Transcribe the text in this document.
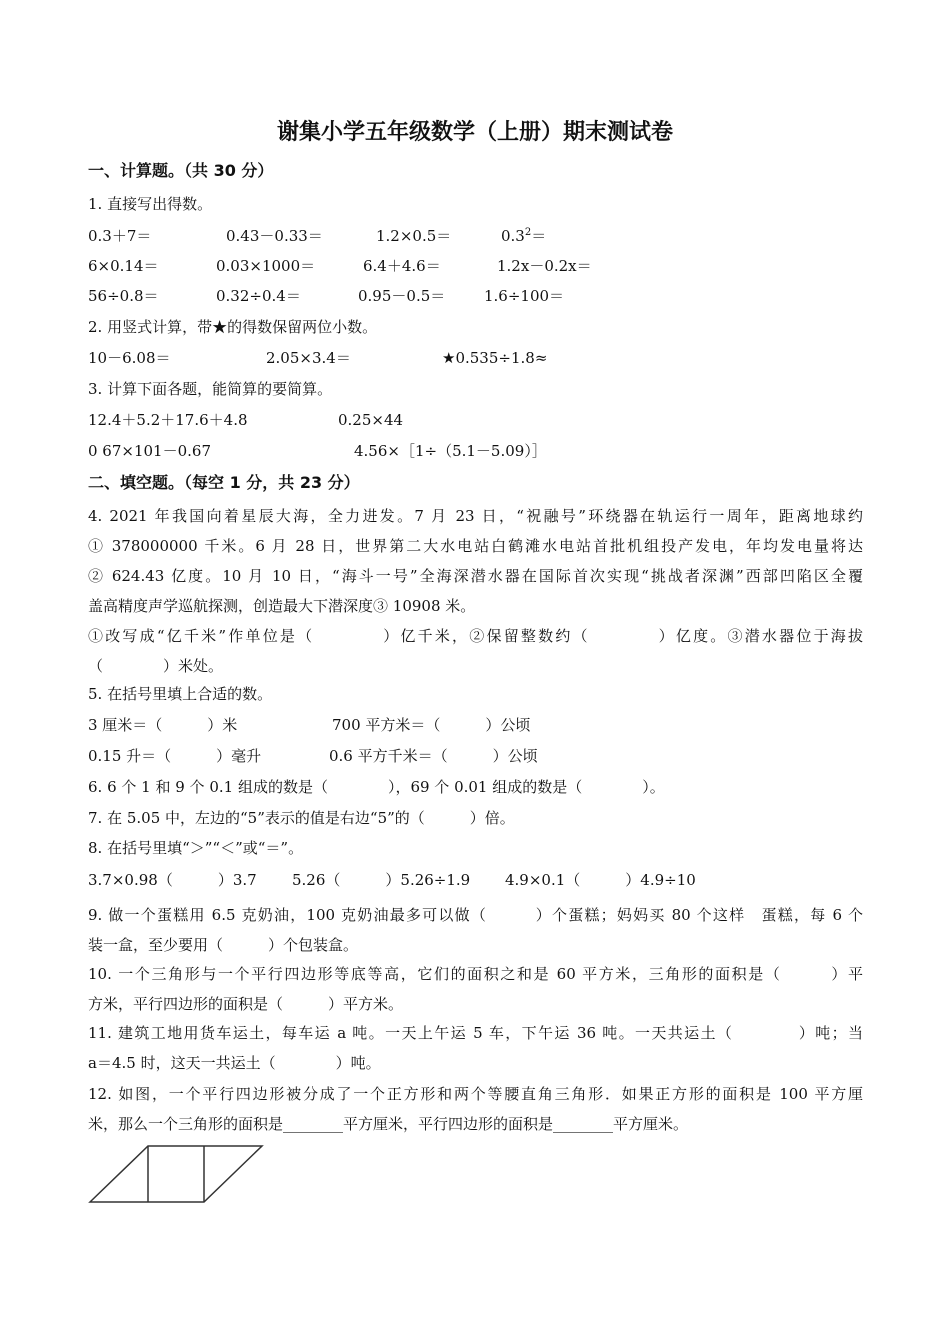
谢集小学五年级数学（上册）期末测试卷
一、计算题。（共 30 分）
1. 直接写出得数。
0.3＋7＝	0.43－0.33＝	1.2×0.5＝	$0.3^2=$
6×0.14＝	0.03×1000＝	6.4＋4.6＝	1.2x－0.2x＝
56÷0.8＝	0.32÷0.4＝	0.95－0.5＝	1.6÷100＝
2. 用竖式计算，带★的得数保留两位小数。
10－6.08＝	2.05×3.4＝	★0.535÷1.8≈
3. 计算下面各题，能简算的要简算。
12.4＋5.2＋17.6＋4.8	0.25×44
0 67×101－0.67	4.56×［1÷（5.1－5.09）］
二、填空题。（每空 1 分，共 23 分）
4. 2021 年我国向着星辰大海，全力进发。7 月 23 日，“祝融号”环绕器在轨运行一周年，距离地球约
① 378000000 千米。6 月 28 日，世界第二大水电站白鹤滩水电站首批机组投产发电，年均发电量将达
② 624.43 亿度。10 月 10 日，“海斗一号”全海深潜水器在国际首次实现“挑战者深渊”西部凹陷区全覆
盖高精度声学巡航探测，创造最大下潜深度③ 10908 米。
①改写成“亿千米”作单位是（　　　　）亿千米，②保留整数约（　　　　）亿度。③潜水器位于海拔
（　　　　）米处。
5. 在括号里填上合适的数。
3 厘米＝（　　　）米	700 平方米＝（　　　）公顷
0.15 升＝（　　　）毫升	0.6 平方千米＝（　　　）公顷
6. 6 个 1 和 9 个 0.1 组成的数是（　　　　），69 个 0.01 组成的数是（　　　　）。
7. 在 5.05 中，左边的“5”表示的值是右边“5”的（　　　）倍。
8. 在括号里填“＞”“＜”或“＝”。
3.7×0.98（　　　）3.7 5.26（　　　）5.26÷1.9 4.9×0.1（　　　）4.9÷10
9. 做一个蛋糕用 6.5 克奶油，100 克奶油最多可以做（　　　）个蛋糕；妈妈买 80 个这样　蛋糕，每 6 个
装一盒，至少要用（　　　）个包装盒。
10. 一个三角形与一个平行四边形等底等高，它们的面积之和是 60 平方米，三角形的面积是（　　　）平
方米，平行四边形的面积是（　　　）平方米。
11. 建筑工地用货车运土，每车运 a 吨。一天上午运 5 车，下午运 36 吨。一天共运土（　　　　）吨；当
a＝4.5 时，这天一共运土（　　　　）吨。
12. 如图，一个平行四边形被分成了一个正方形和两个等腰直角三角形．如果正方形的面积是 100 平方厘
米，那么一个三角形的面积是________平方厘米，平行四边形的面积是________平方厘米。
